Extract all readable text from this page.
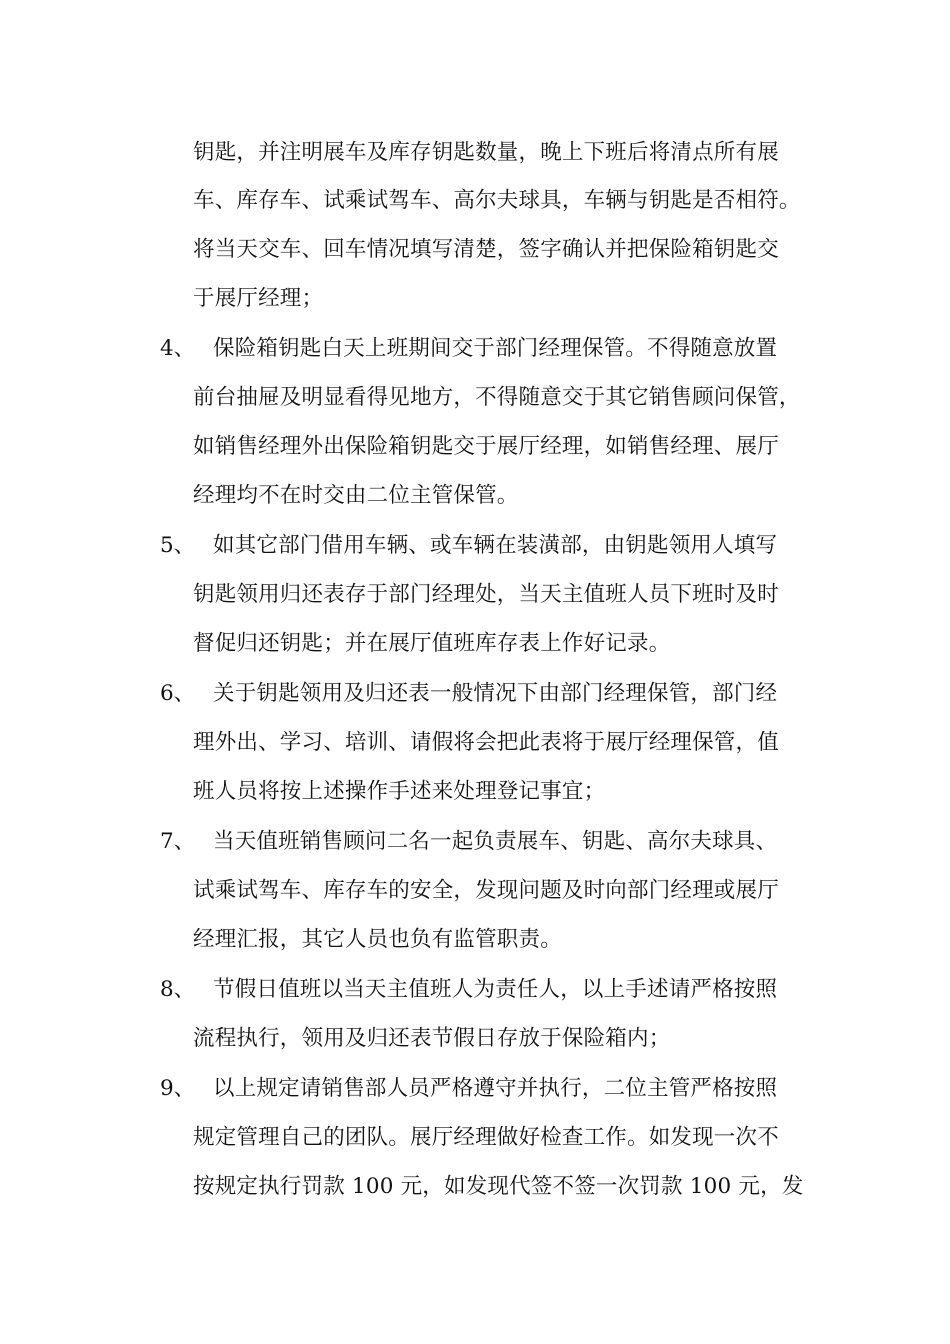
钥匙，并注明展车及库存钥匙数量，晚上下班后将清点所有展
车、库存车、试乘试驾车、高尔夫球具，车辆与钥匙是否相符。
将当天交车、回车情况填写清楚，签字确认并把保险箱钥匙交
于展厅经理；
4、 保险箱钥匙白天上班期间交于部门经理保管。不得随意放置
前台抽屉及明显看得见地方，不得随意交于其它销售顾问保管，
如销售经理外出保险箱钥匙交于展厅经理，如销售经理、展厅
经理均不在时交由二位主管保管。
5、 如其它部门借用车辆、或车辆在装潢部，由钥匙领用人填写
钥匙领用归还表存于部门经理处，当天主值班人员下班时及时
督促归还钥匙；并在展厅值班库存表上作好记录。
6、 关于钥匙领用及归还表一般情况下由部门经理保管，部门经
理外出、学习、培训、请假将会把此表将于展厅经理保管，值
班人员将按上述操作手述来处理登记事宜；
7、 当天值班销售顾问二名一起负责展车、钥匙、高尔夫球具、
试乘试驾车、库存车的安全，发现问题及时向部门经理或展厅
经理汇报，其它人员也负有监管职责。
8、 节假日值班以当天主值班人为责任人，以上手述请严格按照
流程执行，领用及归还表节假日存放于保险箱内；
9、 以上规定请销售部人员严格遵守并执行，二位主管严格按照
规定管理自己的团队。展厅经理做好检查工作。如发现一次不
按规定执行罚款 100 元，如发现代签不签一次罚款 100 元，发
